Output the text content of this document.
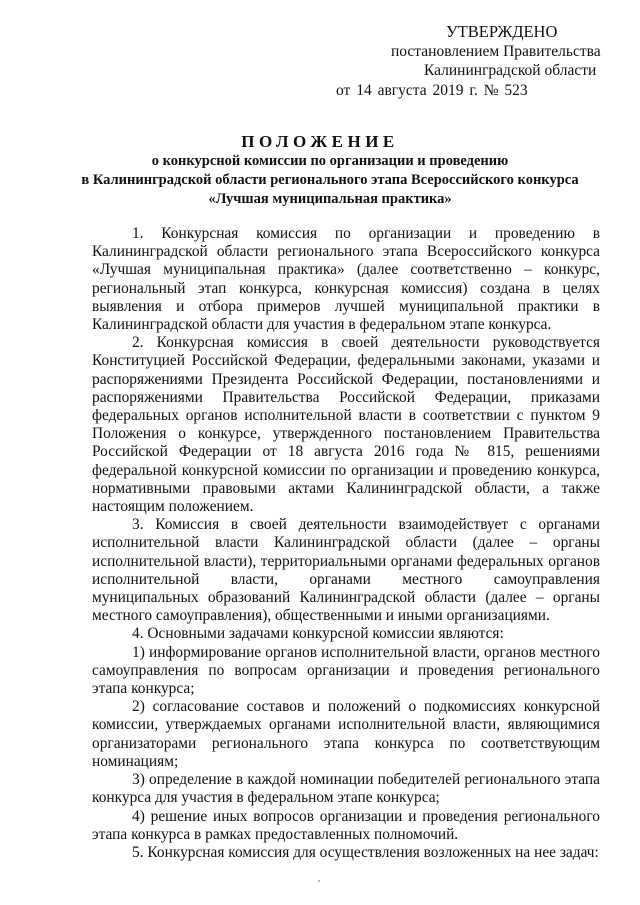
УТВЕРЖДЕНО
постановлением Правительства
Калининградской области
от 14 августа 2019 г. № 523
ПОЛОЖЕНИЕ
о конкурсной комиссии по организации и проведению
в Калининградской области регионального этапа Всероссийского конкурса
«Лучшая муниципальная практика»

1. Конкурсная комиссия по организации и проведению в Калининградской области регионального этапа Всероссийского конкурса «Лучшая муниципальная практика» (далее соответственно – конкурс, региональный этап конкурса, конкурсная комиссия) создана в целях выявления и отбора примеров лучшей муниципальной практики в Калининградской области для участия в федеральном этапе конкурса.

2. Конкурсная комиссия в своей деятельности руководствуется Конституцией Российской Федерации, федеральными законами, указами и распоряжениями Президента Российской Федерации, постановлениями и распоряжениями Правительства Российской Федерации, приказами федеральных органов исполнительной власти в соответствии с пунктом 9 Положения о конкурсе, утвержденного постановлением Правительства Российской Федерации от 18 августа 2016 года № 815, решениями федеральной конкурсной комиссии по организации и проведению конкурса, нормативными правовыми актами Калининградской области, а также настоящим положением.

3. Комиссия в своей деятельности взаимодействует с органами исполнительной власти Калининградской области (далее – органы исполнительной власти), территориальными органами федеральных органов исполнительной власти, органами местного самоуправления муниципальных образований Калининградской области (далее – органы местного самоуправления), общественными и иными организациями.

4. Основными задачами конкурсной комиссии являются:

1) информирование органов исполнительной власти, органов местного самоуправления по вопросам организации и проведения регионального этапа конкурса;

2) согласование составов и положений о подкомиссиях конкурсной комиссии, утверждаемых органами исполнительной власти, являющимися организаторами регионального этапа конкурса по соответствующим номинациям;

3) определение в каждой номинации победителей регионального этапа конкурса для участия в федеральном этапе конкурса;

4) решение иных вопросов организации и проведения регионального этапа конкурса в рамках предоставленных полномочий.

5. Конкурсная комиссия для осуществления возложенных на нее задач:
